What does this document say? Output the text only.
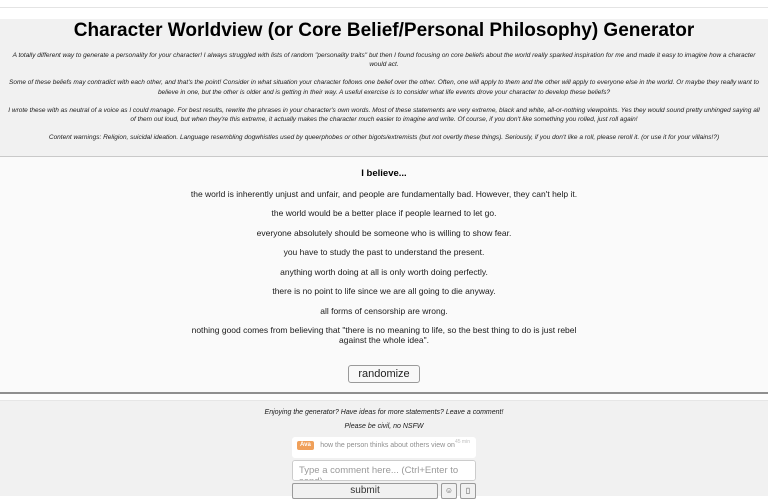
Character Worldview (or Core Belief/Personal Philosophy) Generator

A totally different way to generate a personality for your character! I always struggled with lists of random "personality traits" but then I found focusing on core beliefs about the world really sparked inspiration for me and made it easy to imagine how a character would act.

Some of these beliefs may contradict with each other, and that's the point! Consider in what situation your character follows one belief over the other. Often, one will apply to them and the other will apply to everyone else in the world. Or maybe they really want to believe in one, but the other is older and is getting in their way. A useful exercise is to consider what life events drove your character to develop these beliefs?

I wrote these with as neutral of a voice as I could manage. For best results, rewrite the phrases in your character's own words. Most of these statements are very extreme, black and white, all-or-nothing viewpoints. Yes they would sound pretty unhinged saying all of them out loud, but when they're this extreme, it actually makes the character much easier to imagine and write. Of course, if you don't like something you rolled, just roll again!

Content warnings: Religion, suicidal ideation. Language resembling dogwhistles used by queerphobes or other bigots/extremists (but not overtly these things). Seriously, if you don't like a roll, please reroll it. (or use it for your villains!?)

I believe...

the world is inherently unjust and unfair, and people are fundamentally bad. However, they can't help it.

the world would be a better place if people learned to let go.

everyone absolutely should be someone who is willing to show fear.

you have to study the past to understand the present.

anything worth doing at all is only worth doing perfectly.

there is no point to life since we are all going to die anyway.

all forms of censorship are wrong.

nothing good comes from believing that "there is no meaning to life, so the best thing to do is just rebel against the whole idea".

randomize

Enjoying the generator? Have ideas for more statements? Leave a comment!

Please be civil, no NSFW

45 min
Ava how the person thinks about others view on
Type a comment here... (Ctrl+Enter to send)
submit	☺	▯
